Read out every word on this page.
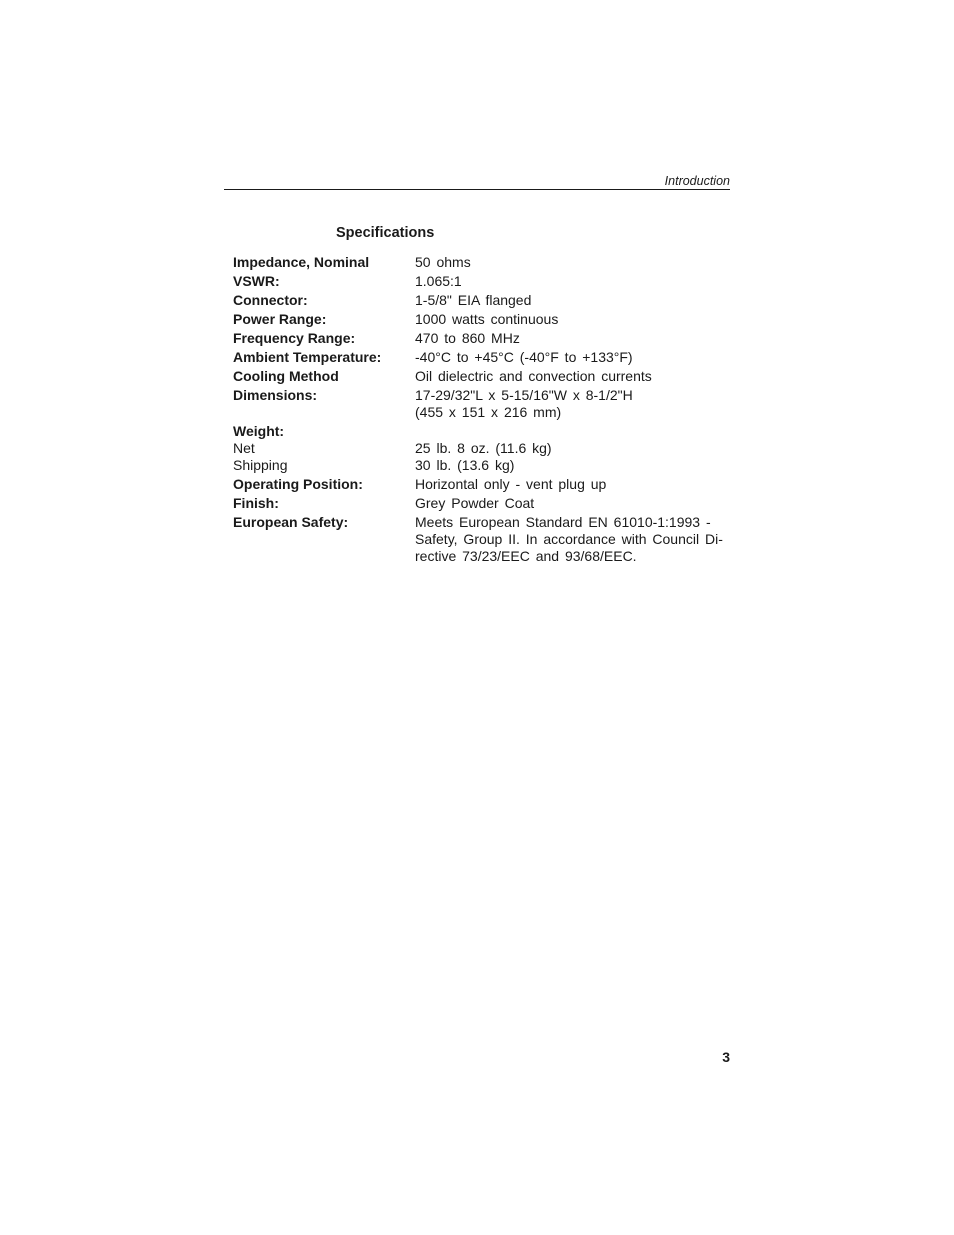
Introduction
Specifications
Impedance, Nominal	50 ohms
VSWR:	1.065:1
Connector:	1-5/8" EIA flanged
Power Range:	1000 watts continuous
Frequency Range:	470 to 860 MHz
Ambient Temperature:	-40°C to +45°C (-40°F to +133°F)
Cooling Method	Oil dielectric and convection currents
Dimensions:	17-29/32"L x 5-15/16"W x 8-1/2"H
(455 x 151 x 216 mm)
Weight:
Net	25 lb. 8 oz. (11.6 kg)
Shipping	30 lb. (13.6 kg)
Operating Position:	Horizontal only - vent plug up
Finish:	Grey Powder Coat
European Safety:	Meets European Standard EN 61010-1:1993 -
Safety, Group II. In accordance with Council Di-
rective 73/23/EEC and 93/68/EEC.
3
